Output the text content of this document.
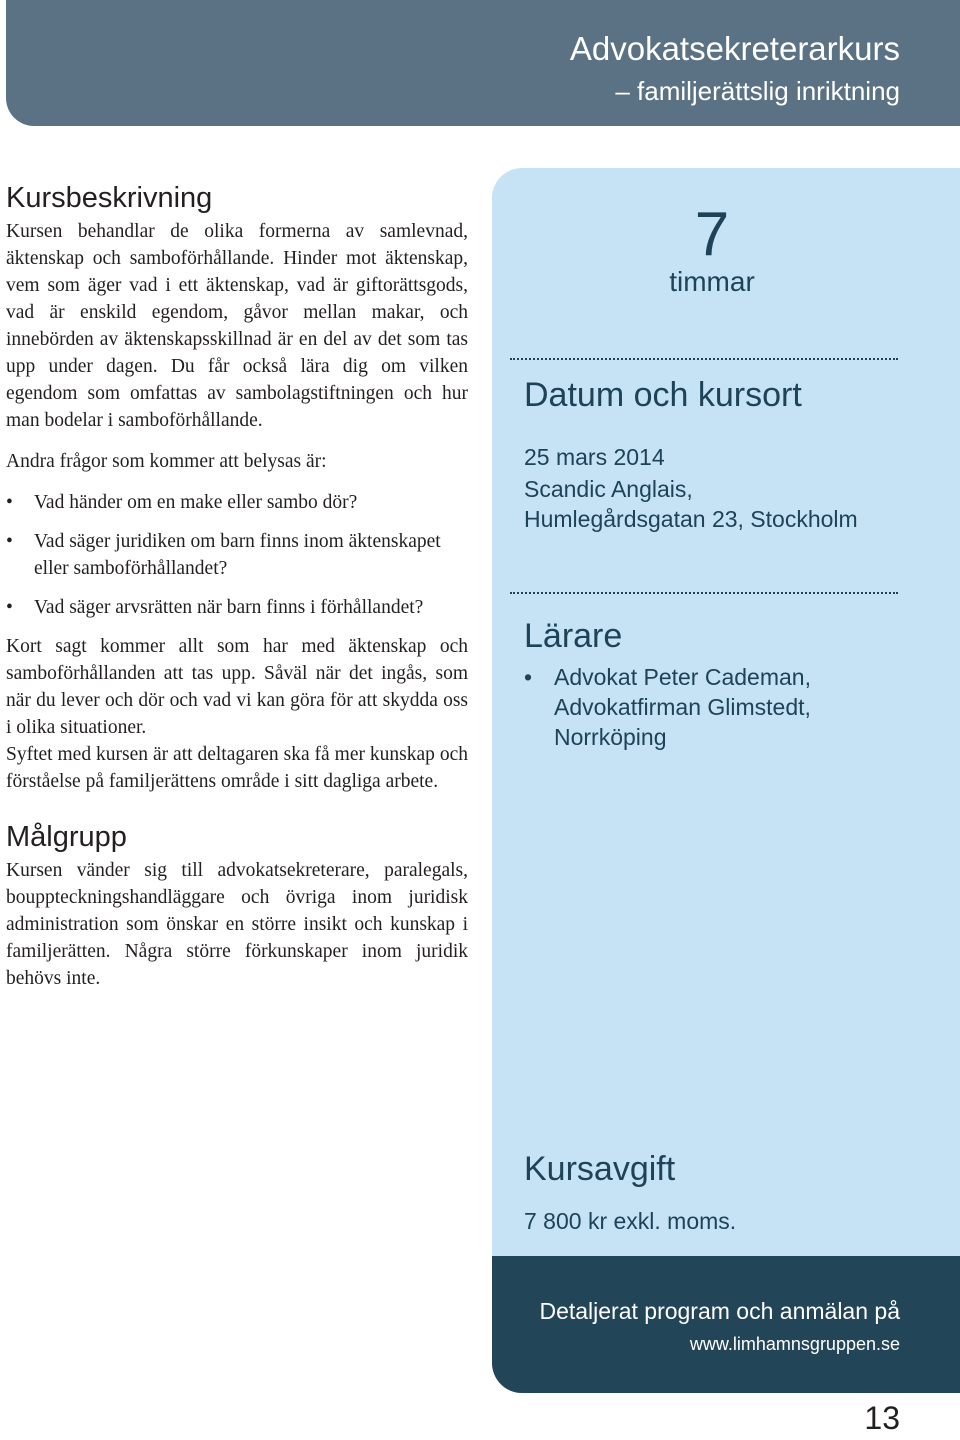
Advokatsekreterarkurs
– familjerättslig inriktning
Kursbeskrivning

Kursen behandlar de olika formerna av samlevnad, äktenskap och samboförhållande. Hinder mot äktenskap, vem som äger vad i ett äktenskap, vad är giftorättsgods, vad är enskild egendom, gåvor mellan makar, och innebörden av äktenskapsskillnad är en del av det som tas upp under dagen. Du får också lära dig om vilken egendom som omfattas av sambolagstiftningen och hur man bodelar i samboförhållande.

Andra frågor som kommer att belysas är:

• Vad händer om en make eller sambo dör?
• Vad säger juridiken om barn finns inom äktenskapet eller samboförhållandet?
• Vad säger arvsrätten när barn finns i förhållandet?

Kort sagt kommer allt som har med äktenskap och samboförhållanden att tas upp. Såväl när det ingås, som när du lever och dör och vad vi kan göra för att skydda oss i olika situationer.

Syftet med kursen är att deltagaren ska få mer kunskap och förståelse på familjerättens område i sitt dagliga arbete.

Målgrupp

Kursen vänder sig till advokatsekreterare, paralegals, bouppteckningshandläggare och övriga inom juridisk administration som önskar en större insikt och kunskap i familjerätten. Några större förkunskaper inom juridik behövs inte.

7
timmar
Datum och kursort
25 mars 2014
Scandic Anglais,
Humlegårdsgatan 23, Stockholm
Lärare
• Advokat Peter Cademan,
Advokatfirman Glimstedt,
Norrköping
Kursavgift
7 800 kr exkl. moms.
Detaljerat program och anmälan på
www.limhamnsgruppen.se
13
